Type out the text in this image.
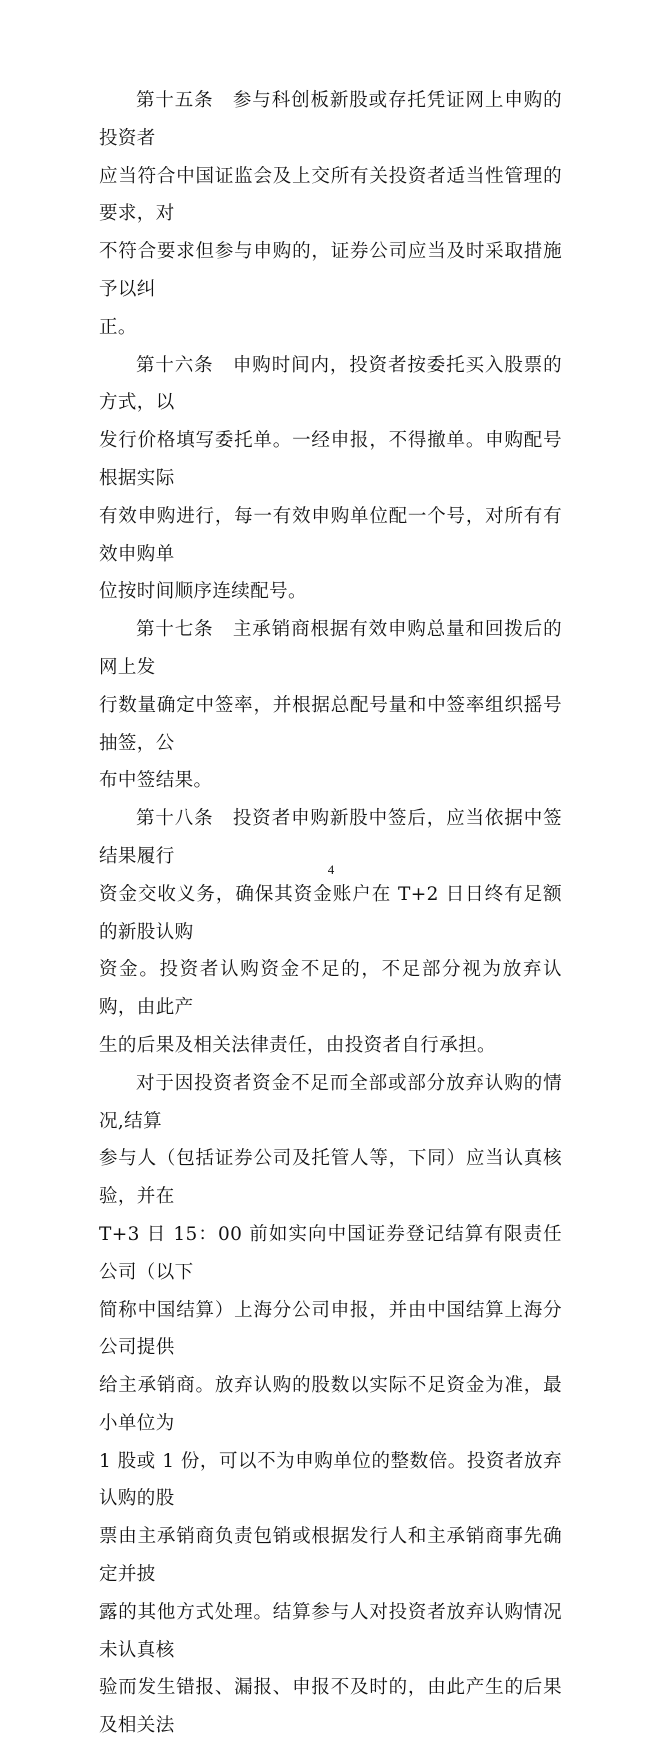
第十五条　参与科创板新股或存托凭证网上申购的投资者
应当符合中国证监会及上交所有关投资者适当性管理的要求，对
不符合要求但参与申购的，证券公司应当及时采取措施予以纠
正。

第十六条　申购时间内，投资者按委托买入股票的方式，以
发行价格填写委托单。一经申报，不得撤单。申购配号根据实际
有效申购进行，每一有效申购单位配一个号，对所有有效申购单
位按时间顺序连续配号。

第十七条　主承销商根据有效申购总量和回拨后的网上发
行数量确定中签率，并根据总配号量和中签率组织摇号抽签，公
布中签结果。

第十八条　投资者申购新股中签后，应当依据中签结果履行
资金交收义务，确保其资金账户在 T+2 日日终有足额的新股认购
资金。投资者认购资金不足的，不足部分视为放弃认购，由此产
生的后果及相关法律责任，由投资者自行承担。

对于因投资者资金不足而全部或部分放弃认购的情况,结算
参与人（包括证券公司及托管人等，下同）应当认真核验，并在
T+3 日 15：00 前如实向中国证券登记结算有限责任公司（以下
简称中国结算）上海分公司申报，并由中国结算上海分公司提供
给主承销商。放弃认购的股数以实际不足资金为准，最小单位为
1 股或 1 份，可以不为申购单位的整数倍。投资者放弃认购的股
票由主承销商负责包销或根据发行人和主承销商事先确定并披
露的其他方式处理。结算参与人对投资者放弃认购情况未认真核
验而发生错报、漏报、申报不及时的，由此产生的后果及相关法

4
